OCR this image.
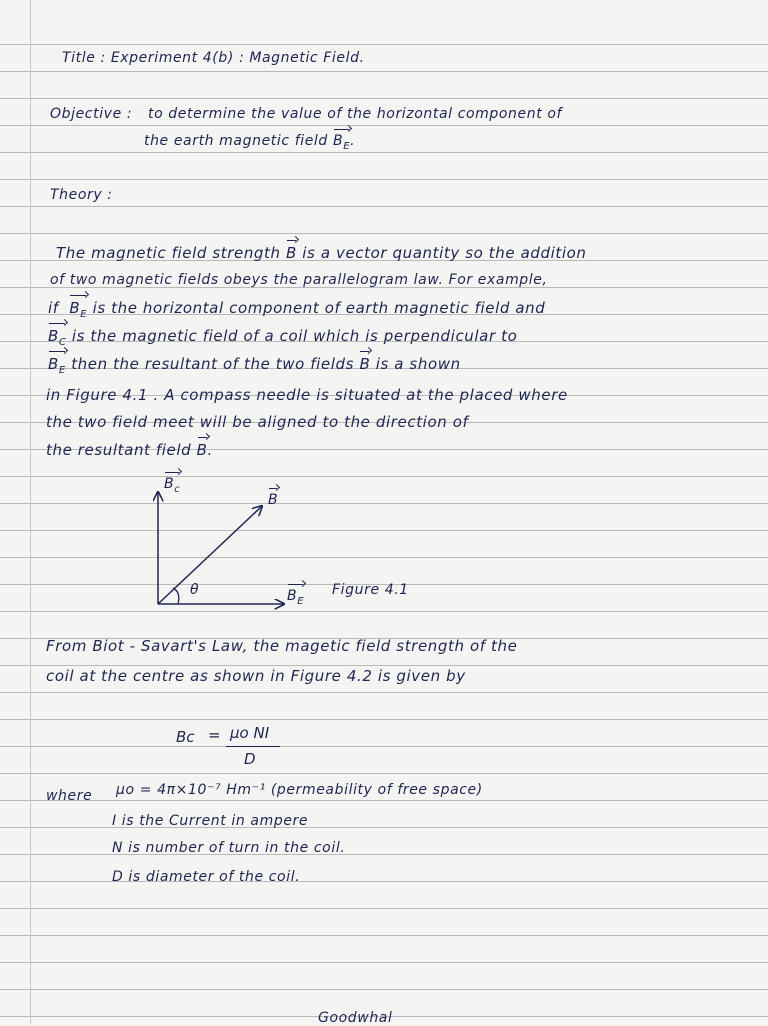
Title : Experiment 4(b) : Magnetic Field.

Objective : to determine the value of the horizontal component of

the earth magnetic field $B_E$.

Theory :

The magnetic field strength B is a vector quantity so the addition

of two magnetic fields obeys the parallelogram law. For example,

if $B_E$ is the horizontal component of earth magnetic field and

$B_C$ is the magnetic field of a coil which is perpendicular to

$B_E$ then the resultant of the two fields B is a shown

in Figure 4.1 . A compass needle is situated at the placed where

the two field meet will be aligned to the direction of

the resultant field B.

$B_c$

B

θ	$B_E$

Figure 4.1

From Biot - Savart's Law, the magetic field strength of the

coil at the centre as shown in Figure 4.2 is given by

Bc = μo NI
D

where μo = 4π×10⁻⁷ Hm⁻¹ (permeability of free space)

I is the Current in ampere

N is number of turn in the coil.

D is diameter of the coil.

Goodwhal
